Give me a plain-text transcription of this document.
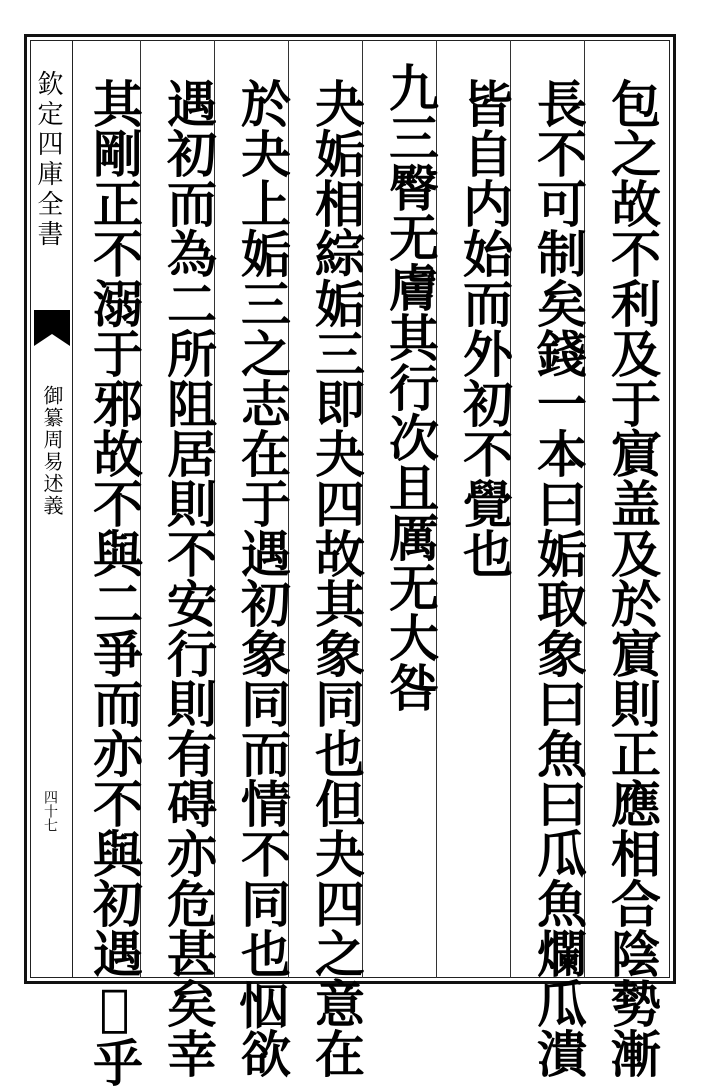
欽定四庫全書
御纂周易述義
四十七	包之故不利及于賔盖及於賔則正應相合陰勢漸
長不可制矣錢一本曰姤取象曰魚曰瓜魚爛瓜潰
皆自内始而外初不覺也
九三臀无膚其行次且厲无大咎
夬姤相綜姤三即夬四故其象同也但夬四之意在
於夬上姤三之志在于遇初象同而情不同也𢘄欲
遇初而為二所阻居則不安行則有碍亦危甚矣幸
其剛正不溺于邪故不與二爭而亦不與初遇𤼵乎
